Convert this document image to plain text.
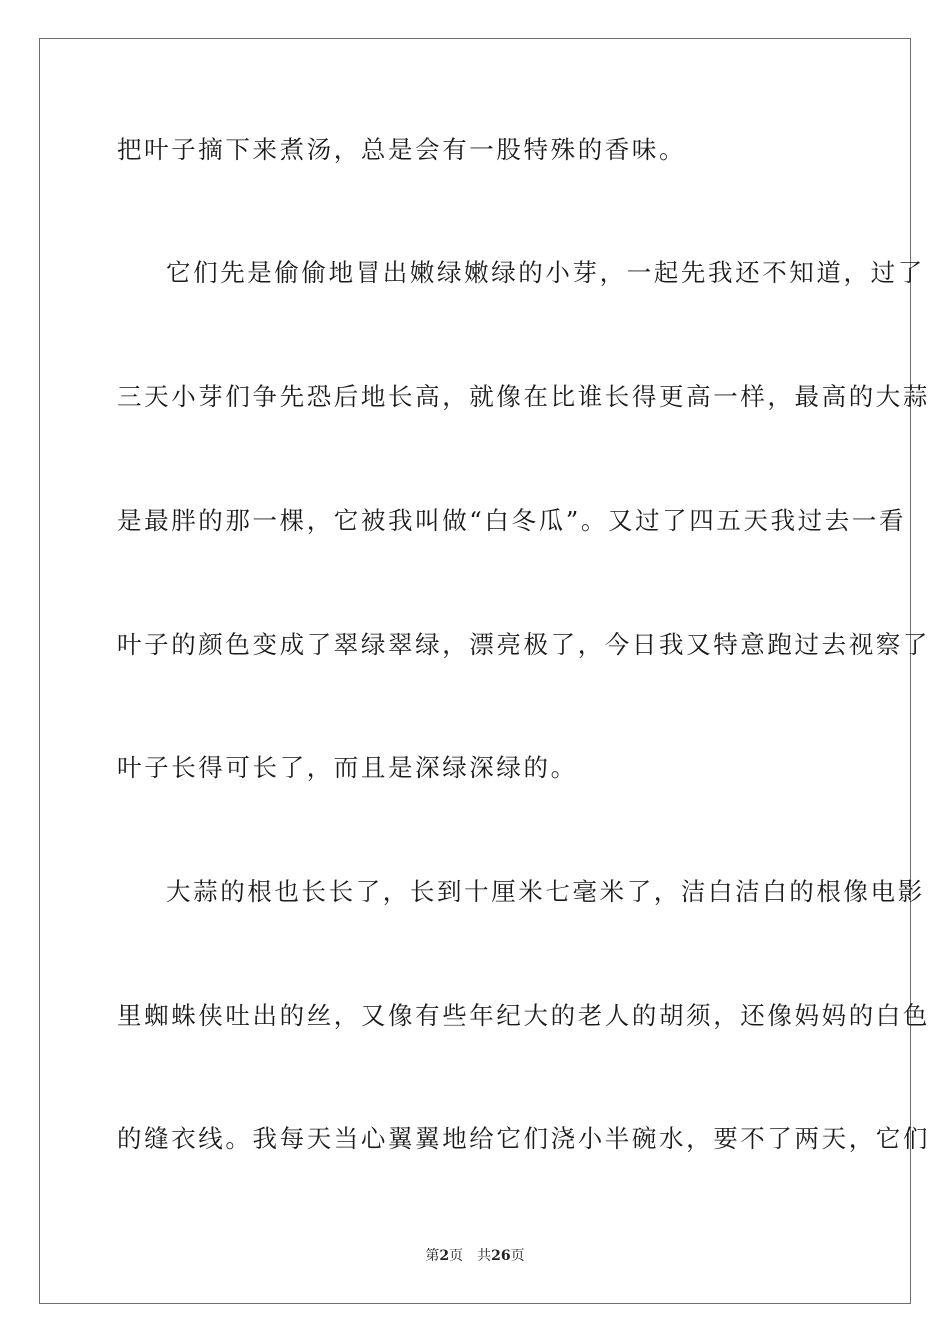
把叶子摘下来煮汤，总是会有一股特殊的香味。
它们先是偷偷地冒出嫩绿嫩绿的小芽，一起先我还不知道，过了
三天小芽们争先恐后地长高，就像在比谁长得更高一样，最高的大蒜
是最胖的那一棵，它被我叫做“白冬瓜”。又过了四五天我过去一看
叶子的颜色变成了翠绿翠绿，漂亮极了，今日我又特意跑过去视察了
叶子长得可长了，而且是深绿深绿的。
大蒜的根也长长了，长到十厘米七毫米了，洁白洁白的根像电影
里蜘蛛侠吐出的丝，又像有些年纪大的老人的胡须，还像妈妈的白色
的缝衣线。我每天当心翼翼地给它们浇小半碗水，要不了两天，它们
第2页 共26页
